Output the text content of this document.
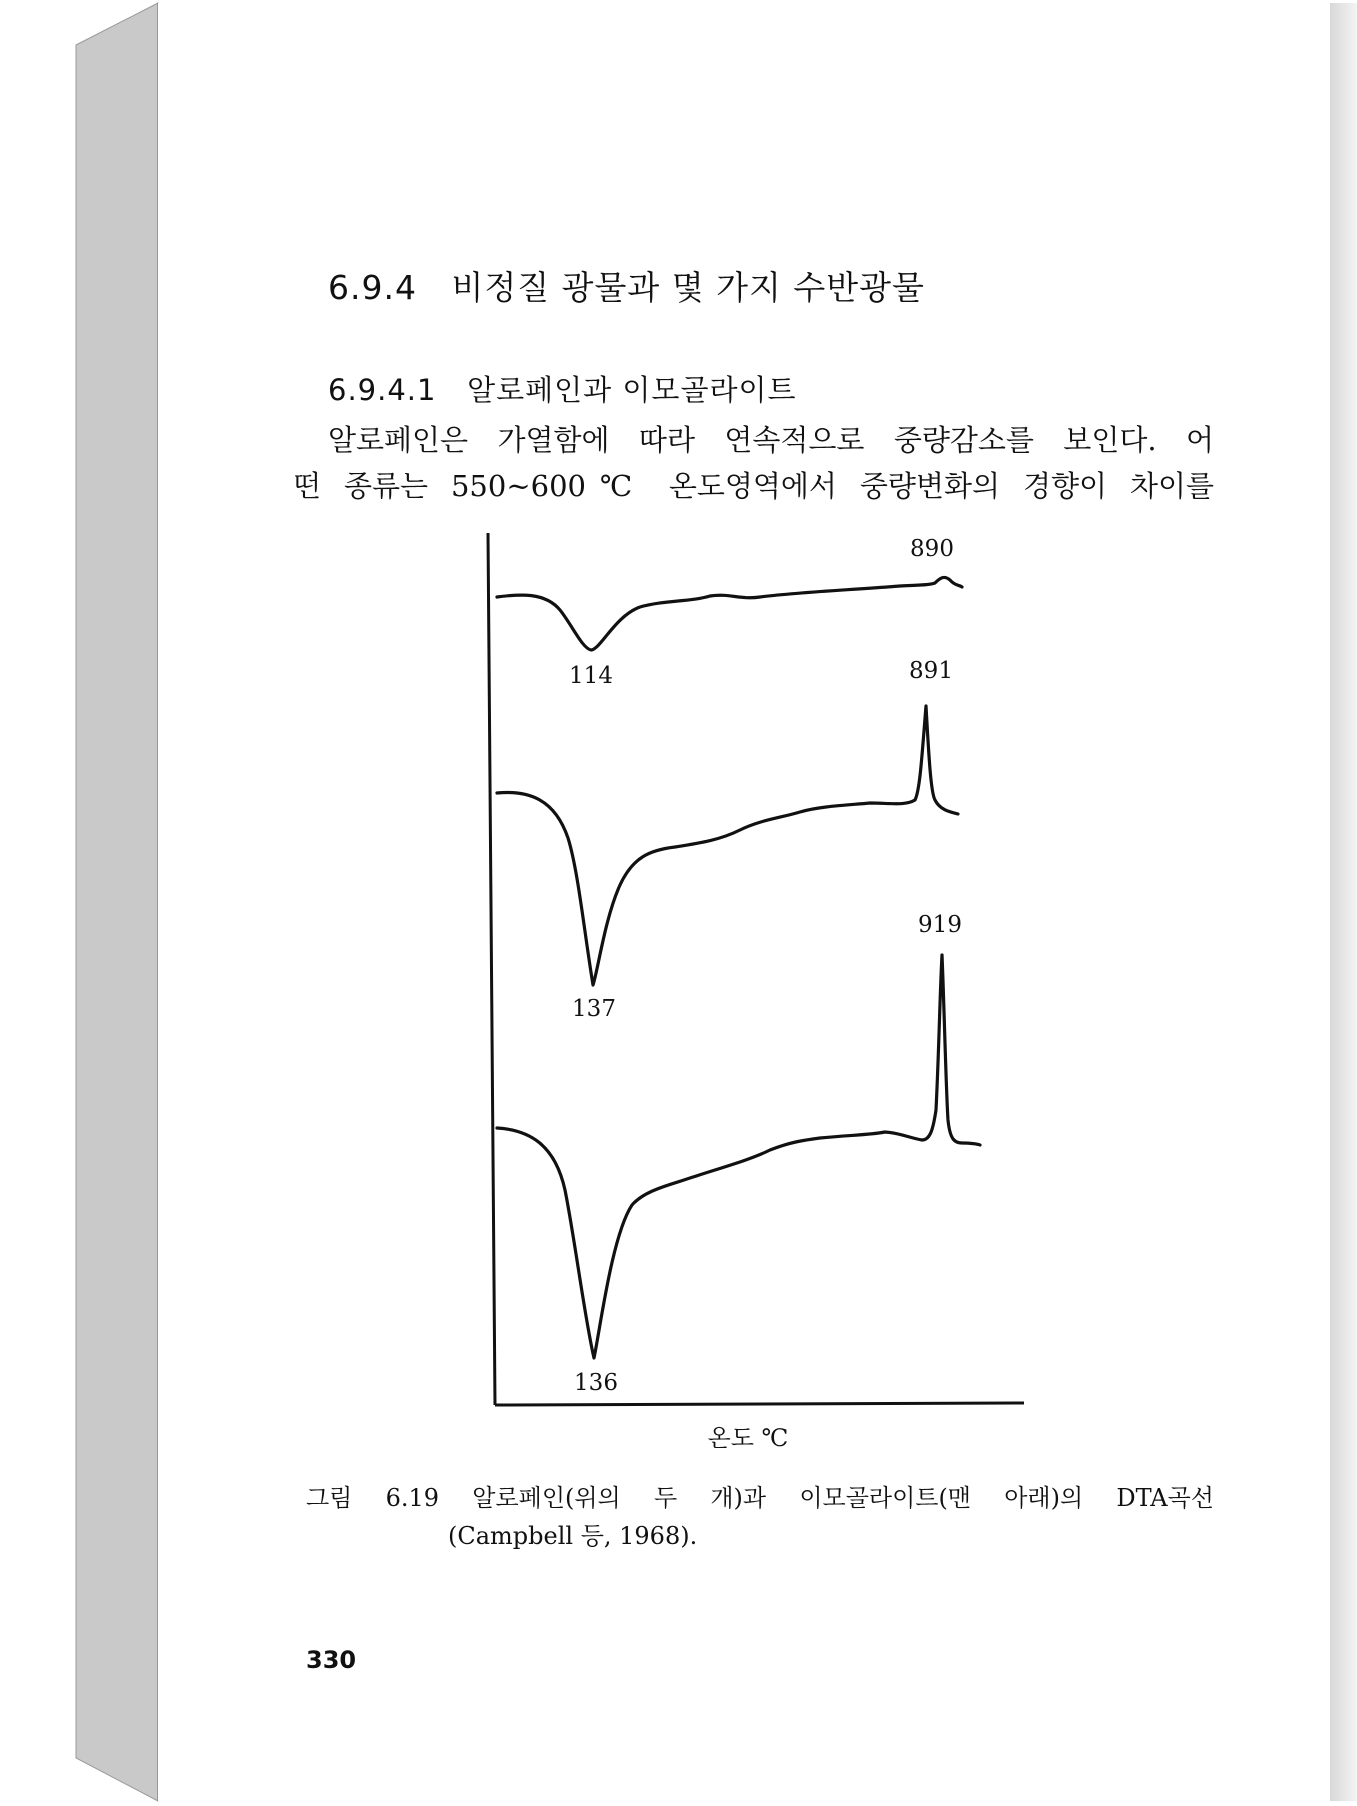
6.9.4 비정질 광물과 몇 가지 수반광물
6.9.4.1 알로페인과 이모골라이트
알로페인은 가열함에 따라 연속적으로 중량감소를 보인다. 어
떤 종류는 550~600℃ 온도영역에서 중량변화의 경향이 차이를
114
890
137
891
136
919
온도 ℃
그림 6.19 알로페인(위의 두 개)과 이모골라이트(맨 아래)의 DTA곡선
(Campbell 등, 1968).
330
